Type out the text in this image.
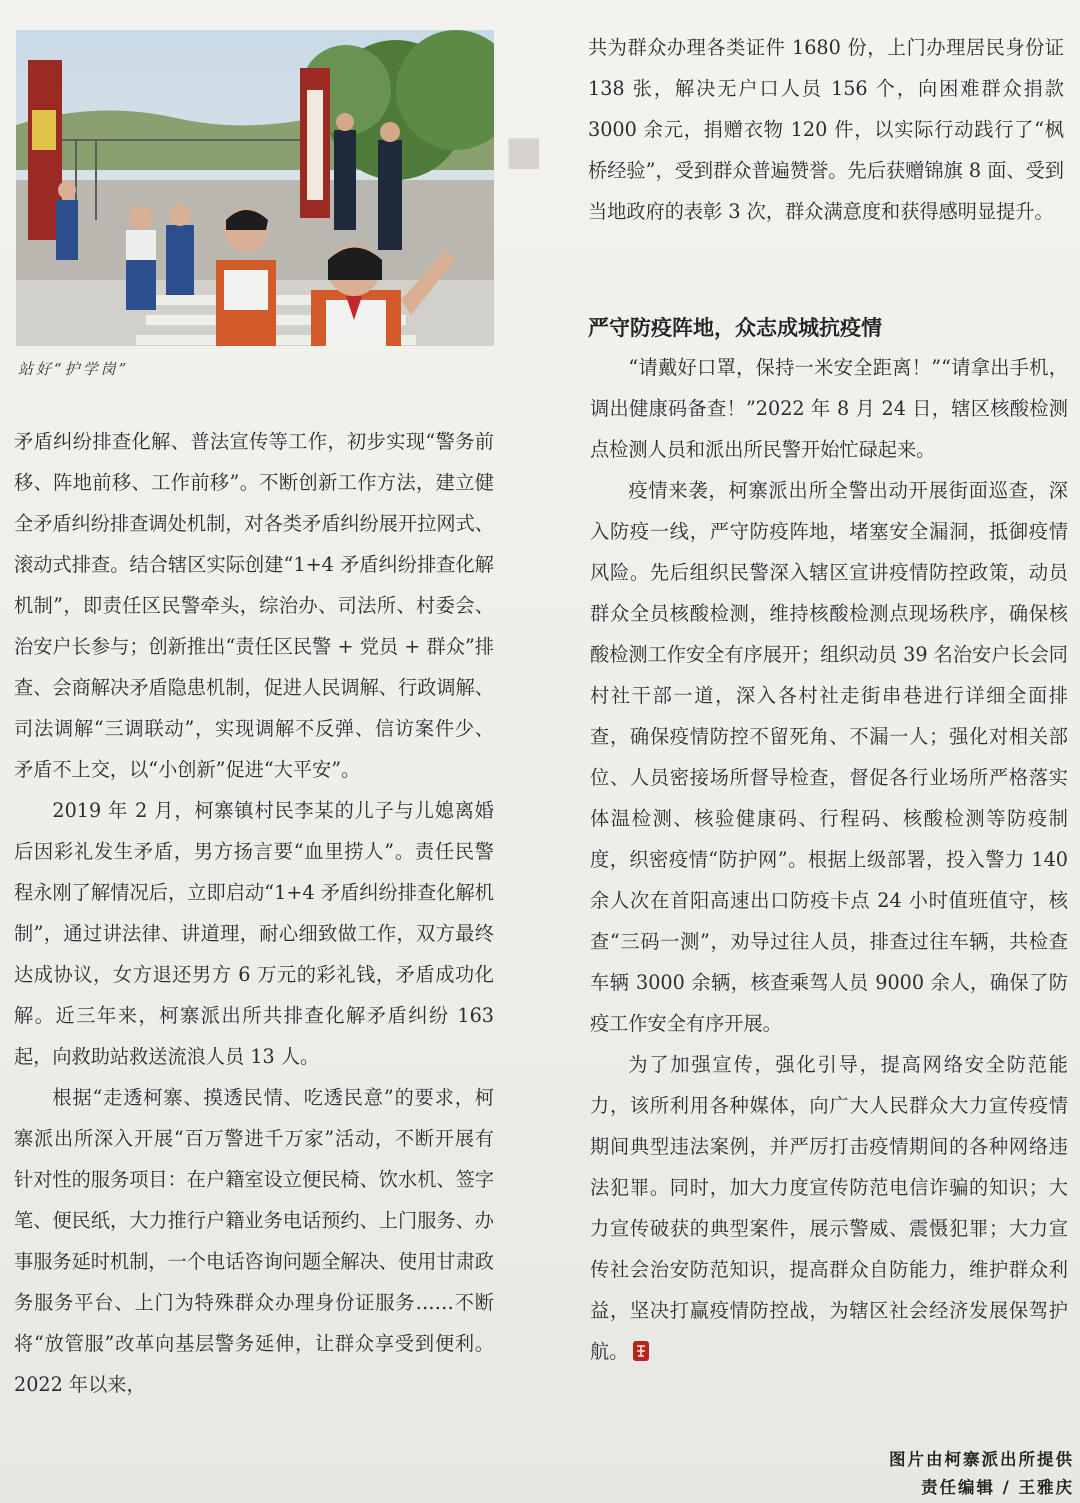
站好“护学岗”
■

矛盾纠纷排查化解、普法宣传等工作，初步实现“警务前移、阵地前移、工作前移”。不断创新工作方法，建立健全矛盾纠纷排查调处机制，对各类矛盾纠纷展开拉网式、滚动式排查。结合辖区实际创建“1+4 矛盾纠纷排查化解机制”，即责任区民警牵头，综治办、司法所、村委会、治安户长参与；创新推出“责任区民警 + 党员 + 群众”排查、会商解决矛盾隐患机制，促进人民调解、行政调解、司法调解“三调联动”，实现调解不反弹、信访案件少、矛盾不上交，以“小创新”促进“大平安”。

2019 年 2 月，柯寨镇村民李某的儿子与儿媳离婚后因彩礼发生矛盾，男方扬言要“血里捞人”。责任民警程永刚了解情况后，立即启动“1+4 矛盾纠纷排查化解机制”，通过讲法律、讲道理，耐心细致做工作，双方最终达成协议，女方退还男方 6 万元的彩礼钱，矛盾成功化解。近三年来，柯寨派出所共排查化解矛盾纠纷 163 起，向救助站救送流浪人员 13 人。

根据“走透柯寨、摸透民情、吃透民意”的要求，柯寨派出所深入开展“百万警进千万家”活动，不断开展有针对性的服务项目：在户籍室设立便民椅、饮水机、签字笔、便民纸，大力推行户籍业务电话预约、上门服务、办事服务延时机制，一个电话咨询问题全解决、使用甘肃政务服务平台、上门为特殊群众办理身份证服务……不断将“放管服”改革向基层警务延伸，让群众享受到便利。2022 年以来，

共为群众办理各类证件 1680 份，上门办理居民身份证 138 张，解决无户口人员 156 个，向困难群众捐款 3000 余元，捐赠衣物 120 件，以实际行动践行了“枫桥经验”，受到群众普遍赞誉。先后获赠锦旗 8 面、受到当地政府的表彰 3 次，群众满意度和获得感明显提升。

严守防疫阵地，众志成城抗疫情

“请戴好口罩，保持一米安全距离！”“请拿出手机，调出健康码备查！”2022 年 8 月 24 日，辖区核酸检测点检测人员和派出所民警开始忙碌起来。

疫情来袭，柯寨派出所全警出动开展街面巡查，深入防疫一线，严守防疫阵地，堵塞安全漏洞，抵御疫情风险。先后组织民警深入辖区宣讲疫情防控政策，动员群众全员核酸检测，维持核酸检测点现场秩序，确保核酸检测工作安全有序展开；组织动员 39 名治安户长会同村社干部一道，深入各村社走街串巷进行详细全面排查，确保疫情防控不留死角、不漏一人；强化对相关部位、人员密接场所督导检查，督促各行业场所严格落实体温检测、核验健康码、行程码、核酸检测等防疫制度，织密疫情“防护网”。根据上级部署，投入警力 140 余人次在首阳高速出口防疫卡点 24 小时值班值守，核查“三码一测”，劝导过往人员，排查过往车辆，共检查车辆 3000 余辆，核查乘驾人员 9000 余人，确保了防疫工作安全有序开展。

为了加强宣传，强化引导，提高网络安全防范能力，该所利用各种媒体，向广大人民群众大力宣传疫情期间典型违法案例，并严厉打击疫情期间的各种网络违法犯罪。同时，加大力度宣传防范电信诈骗的知识；大力宣传破获的典型案件，展示警威、震慑犯罪；大力宣传社会治安防范知识，提高群众自防能力，维护群众利益，坚决打赢疫情防控战，为辖区社会经济发展保驾护航。

图片由柯寨派出所提供
责任编辑 / 王雅庆
